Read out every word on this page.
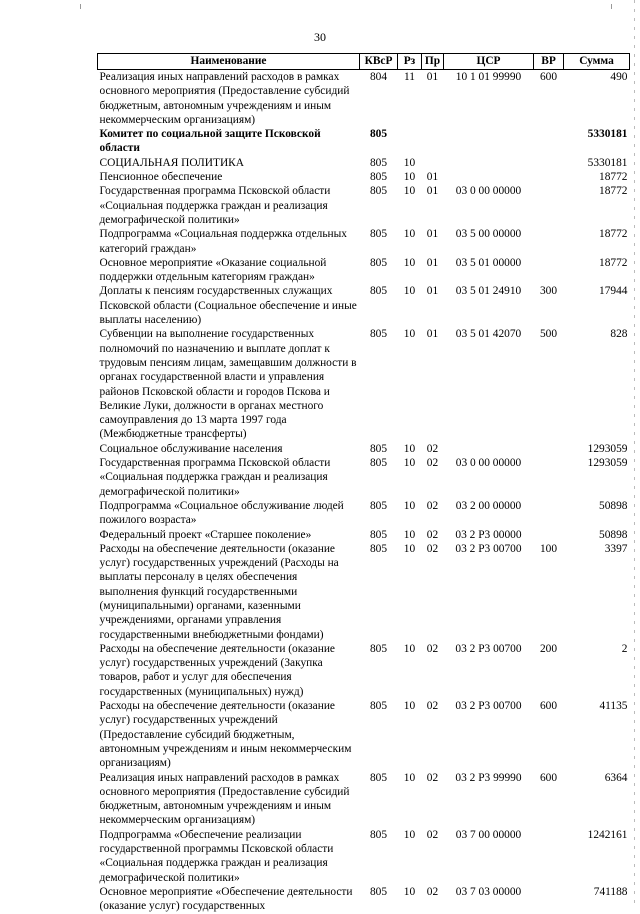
30
Наименование	КВсР	Рз	Пр	ЦСР	ВР	Сумма
Реализация иных направлений расходов в рамках основного мероприятия (Предоставление субсидий бюджетным, автономным учреждениям и иным некоммерческим организациям)	804	11	01	10 1 01 99990	600	490
Комитет по социальной защите Псковской области	805					5330181
СОЦИАЛЬНАЯ ПОЛИТИКА	805	10				5330181
Пенсионное обеспечение	805	10	01			18772
Государственная программа Псковской области «Социальная поддержка граждан и реализация демографической политики»	805	10	01	03 0 00 00000		18772
Подпрограмма «Социальная поддержка отдельных категорий граждан»	805	10	01	03 5 00 00000		18772
Основное мероприятие «Оказание социальной поддержки отдельным категориям граждан»	805	10	01	03 5 01 00000		18772
Доплаты к пенсиям государственных служащих Псковской области (Социальное обеспечение и иные выплаты населению)	805	10	01	03 5 01 24910	300	17944
Субвенции на выполнение государственных полномочий по назначению и выплате доплат к трудовым пенсиям лицам, замещавшим должности в органах государственной власти и управления районов Псковской области и городов Пскова и Великие Луки, должности в органах местного самоуправления до 13 марта 1997 года (Межбюджетные трансферты)	805	10	01	03 5 01 42070	500	828
Социальное обслуживание населения	805	10	02			1293059
Государственная программа Псковской области «Социальная поддержка граждан и реализация демографической политики»	805	10	02	03 0 00 00000		1293059
Подпрограмма «Социальное обслуживание людей пожилого возраста»	805	10	02	03 2 00 00000		50898
Федеральный проект «Старшее поколение»	805	10	02	03 2 P3 00000		50898
Расходы на обеспечение деятельности (оказание услуг) государственных учреждений (Расходы на выплаты персоналу в целях обеспечения выполнения функций государственными (муниципальными) органами, казенными учреждениями, органами управления государственными внебюджетными фондами)	805	10	02	03 2 P3 00700	100	3397
Расходы на обеспечение деятельности (оказание услуг) государственных учреждений (Закупка товаров, работ и услуг для обеспечения государственных (муниципальных) нужд)	805	10	02	03 2 P3 00700	200	2
Расходы на обеспечение деятельности (оказание услуг) государственных учреждений (Предоставление субсидий бюджетным, автономным учреждениям и иным некоммерческим организациям)	805	10	02	03 2 P3 00700	600	41135
Реализация иных направлений расходов в рамках основного мероприятия (Предоставление субсидий бюджетным, автономным учреждениям и иным некоммерческим организациям)	805	10	02	03 2 P3 99990	600	6364
Подпрограмма «Обеспечение реализации государственной программы Псковской области «Социальная поддержка граждан и реализация демографической политики»	805	10	02	03 7 00 00000		1242161
Основное мероприятие «Обеспечение деятельности (оказание услуг) государственных	805	10	02	03 7 03 00000		741188
